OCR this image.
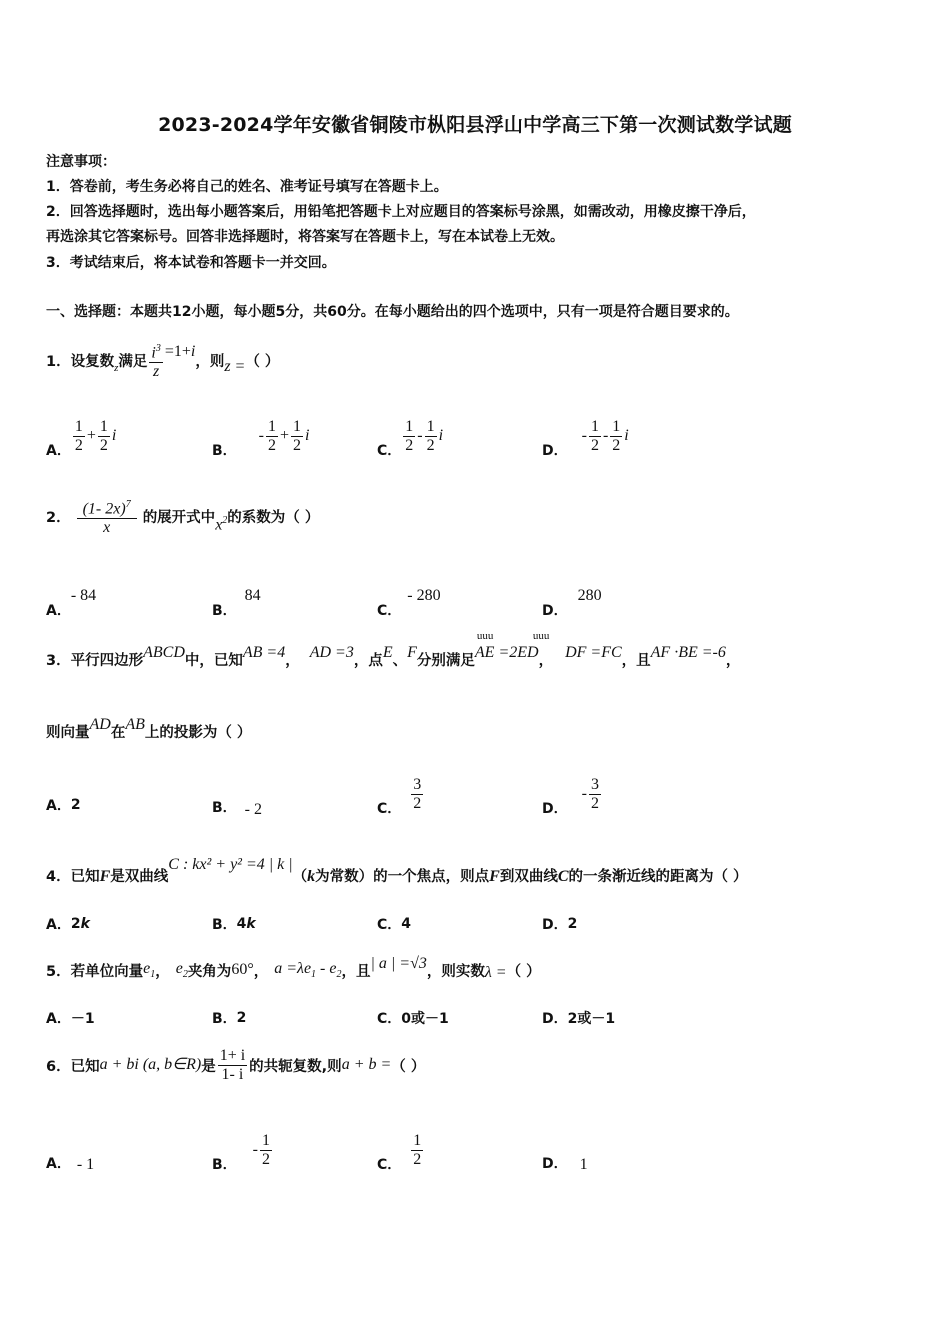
2023-2024学年安徽省铜陵市枞阳县浮山中学高三下第一次测试数学试题
注意事项：
1．答卷前，考生务必将自己的姓名、准考证号填写在答题卡上。
2．回答选择题时，选出每小题答案后，用铅笔把答题卡上对应题目的答案标号涂黑，如需改动，用橡皮擦干净后，
再选涂其它答案标号。回答非选择题时，将答案写在答题卡上，写在本试卷上无效。
3．考试结束后，将本试卷和答题卡一并交回。
一、选择题：本题共12小题，每小题5分，共60分。在每小题给出的四个选项中，只有一项是符合题目要求的。
1．设复数 z 满足 $\frac{i^3}{z} =1+ i$
，则 z = （ ）
A． $\frac{1}{2} + \frac{1}{2}$ i
B．
- $\frac{1}{2} + \frac{1}{2}$ i
C． $\frac{1}{2} - \frac{1}{2}$ i
D．
- $\frac{1}{2} - \frac{1}{2}$ i
2． $\frac{(1- 2x)^7}{x}$ 的展开式中 $x^2$ 的系数为（ ）
A．
- 84
B．
84
C．
- 280
D．
280
3．平行四边形 ABCD 中，已知 AB =4 ， AD =3 ，点 E 、 F 分别满足
uuu	uuu
AE =2ED ， DF =FC ，且 AF ·BE =-6 ，
则向量 AD 在 AB 上的投影为（ ）
A． 2	B． - 2	C． $\frac{3}{2}$	D．
- $\frac{3}{2}$
4．已知 F 是双曲线
C : kx² + y² =4 | k |
（ k 为常数）的一个焦点，则点 F 到双曲线 C 的一条渐近线的距离为（ ）
A． 2 k	B． 4 k	C． 4	D． 2
5．若单位向量 $e_1$ ， $e_2$ 夹角为 60° ， $a =\lambda e_1 - e_2$ ，且 | a | =√3 ，则实数 λ = （ ）
A． －1	B． 2	C． 0或－1	D． 2或－1
6．已知 a + bi (a, b∈R) 是 $\frac{1+ i}{1- i}$ 的共轭复数,则 a + b = （ ）
A． - 1	B．
- $\frac{1}{2}$	C． $\frac{1}{2}$	D． 1
